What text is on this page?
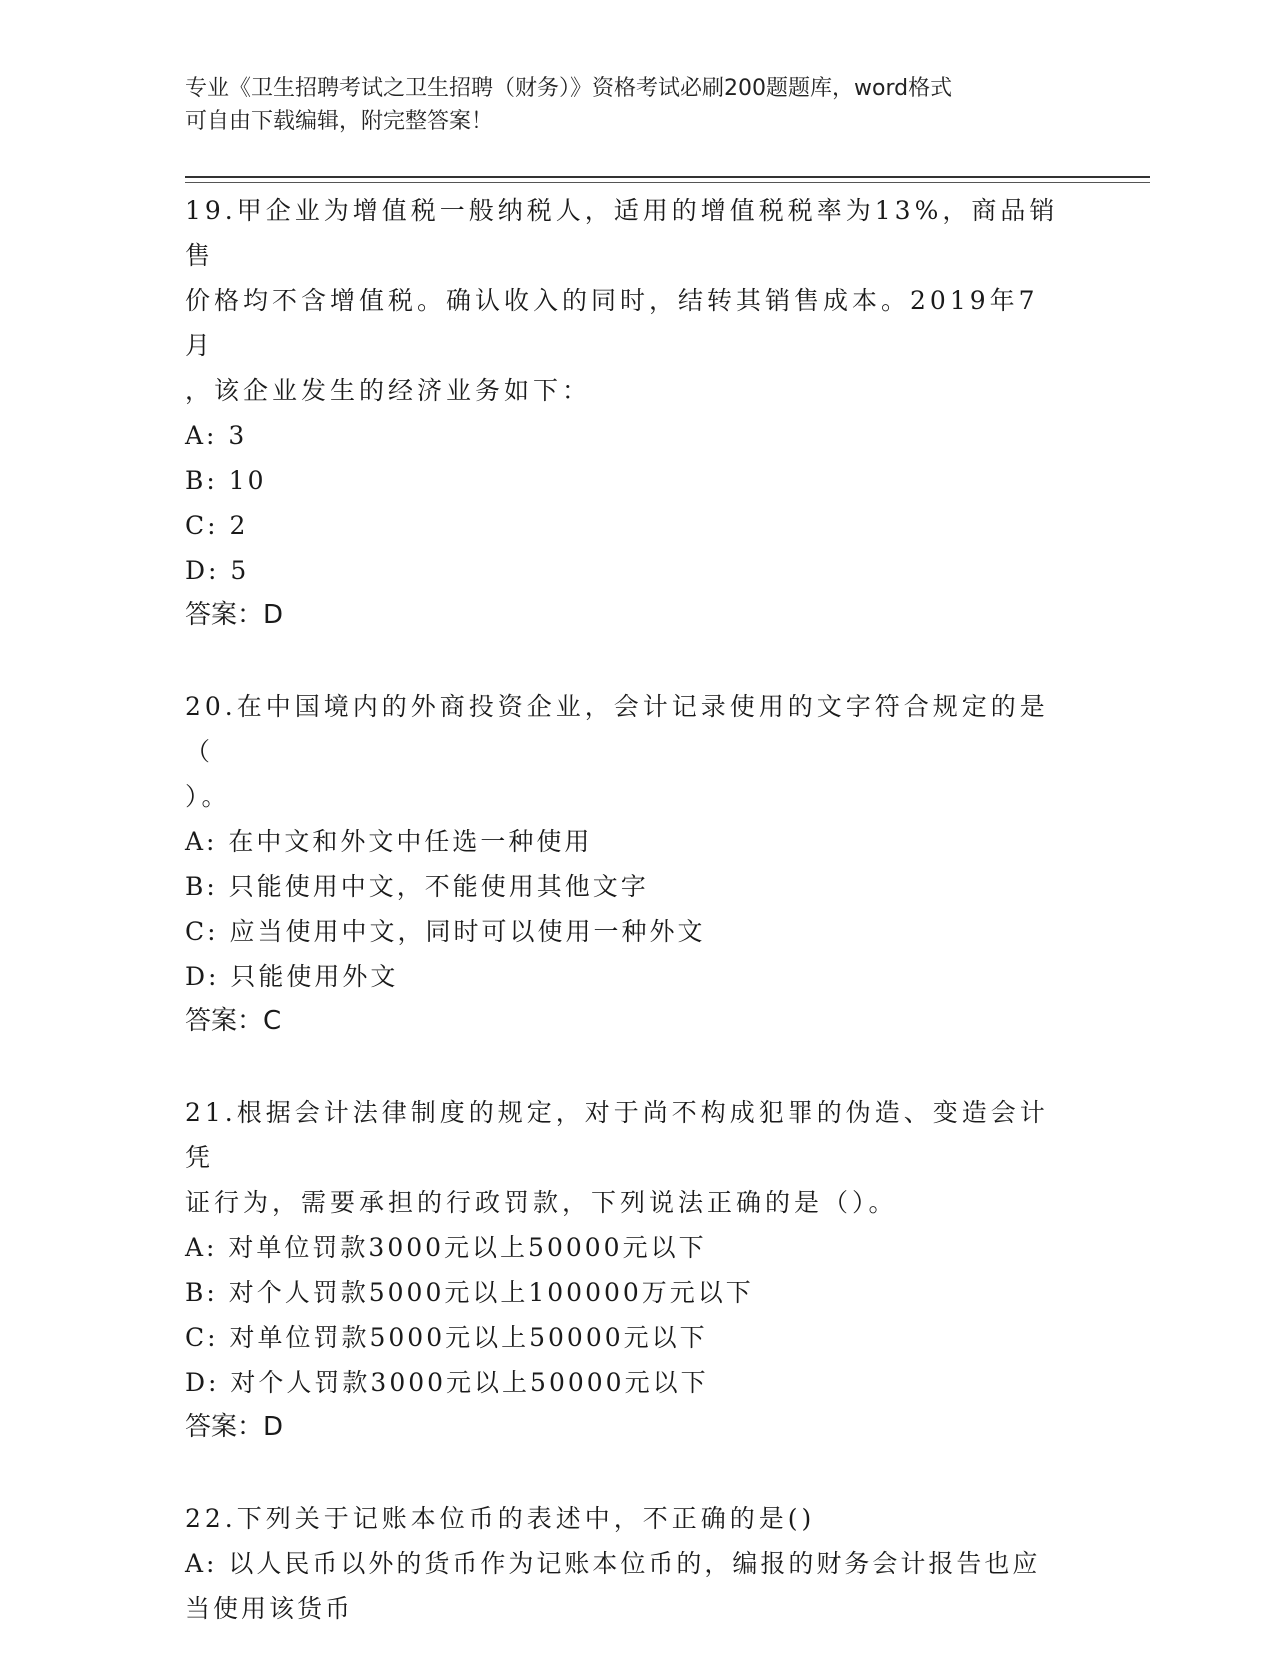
专业《卫生招聘考试之卫生招聘（财务）》资格考试必刷200题题库，word格式
可自由下载编辑，附完整答案！
19.甲企业为增值税一般纳税人，适用的增值税税率为13%，商品销售
价格均不含增值税。确认收入的同时，结转其销售成本。2019年7月
，该企业发生的经济业务如下：
A: 3
B: 10
C: 2
D: 5
答案：D
20.在中国境内的外商投资企业，会计记录使用的文字符合规定的是（
）。
A: 在中文和外文中任选一种使用
B: 只能使用中文，不能使用其他文字
C: 应当使用中文，同时可以使用一种外文
D: 只能使用外文
答案：C
21.根据会计法律制度的规定，对于尚不构成犯罪的伪造、变造会计凭
证行为，需要承担的行政罚款，下列说法正确的是（）。
A: 对单位罚款3000元以上50000元以下
B: 对个人罚款5000元以上100000万元以下
C: 对单位罚款5000元以上50000元以下
D: 对个人罚款3000元以上50000元以下
答案：D
22.下列关于记账本位币的表述中，不正确的是()
A: 以人民币以外的货币作为记账本位币的，编报的财务会计报告也应
当使用该货币
